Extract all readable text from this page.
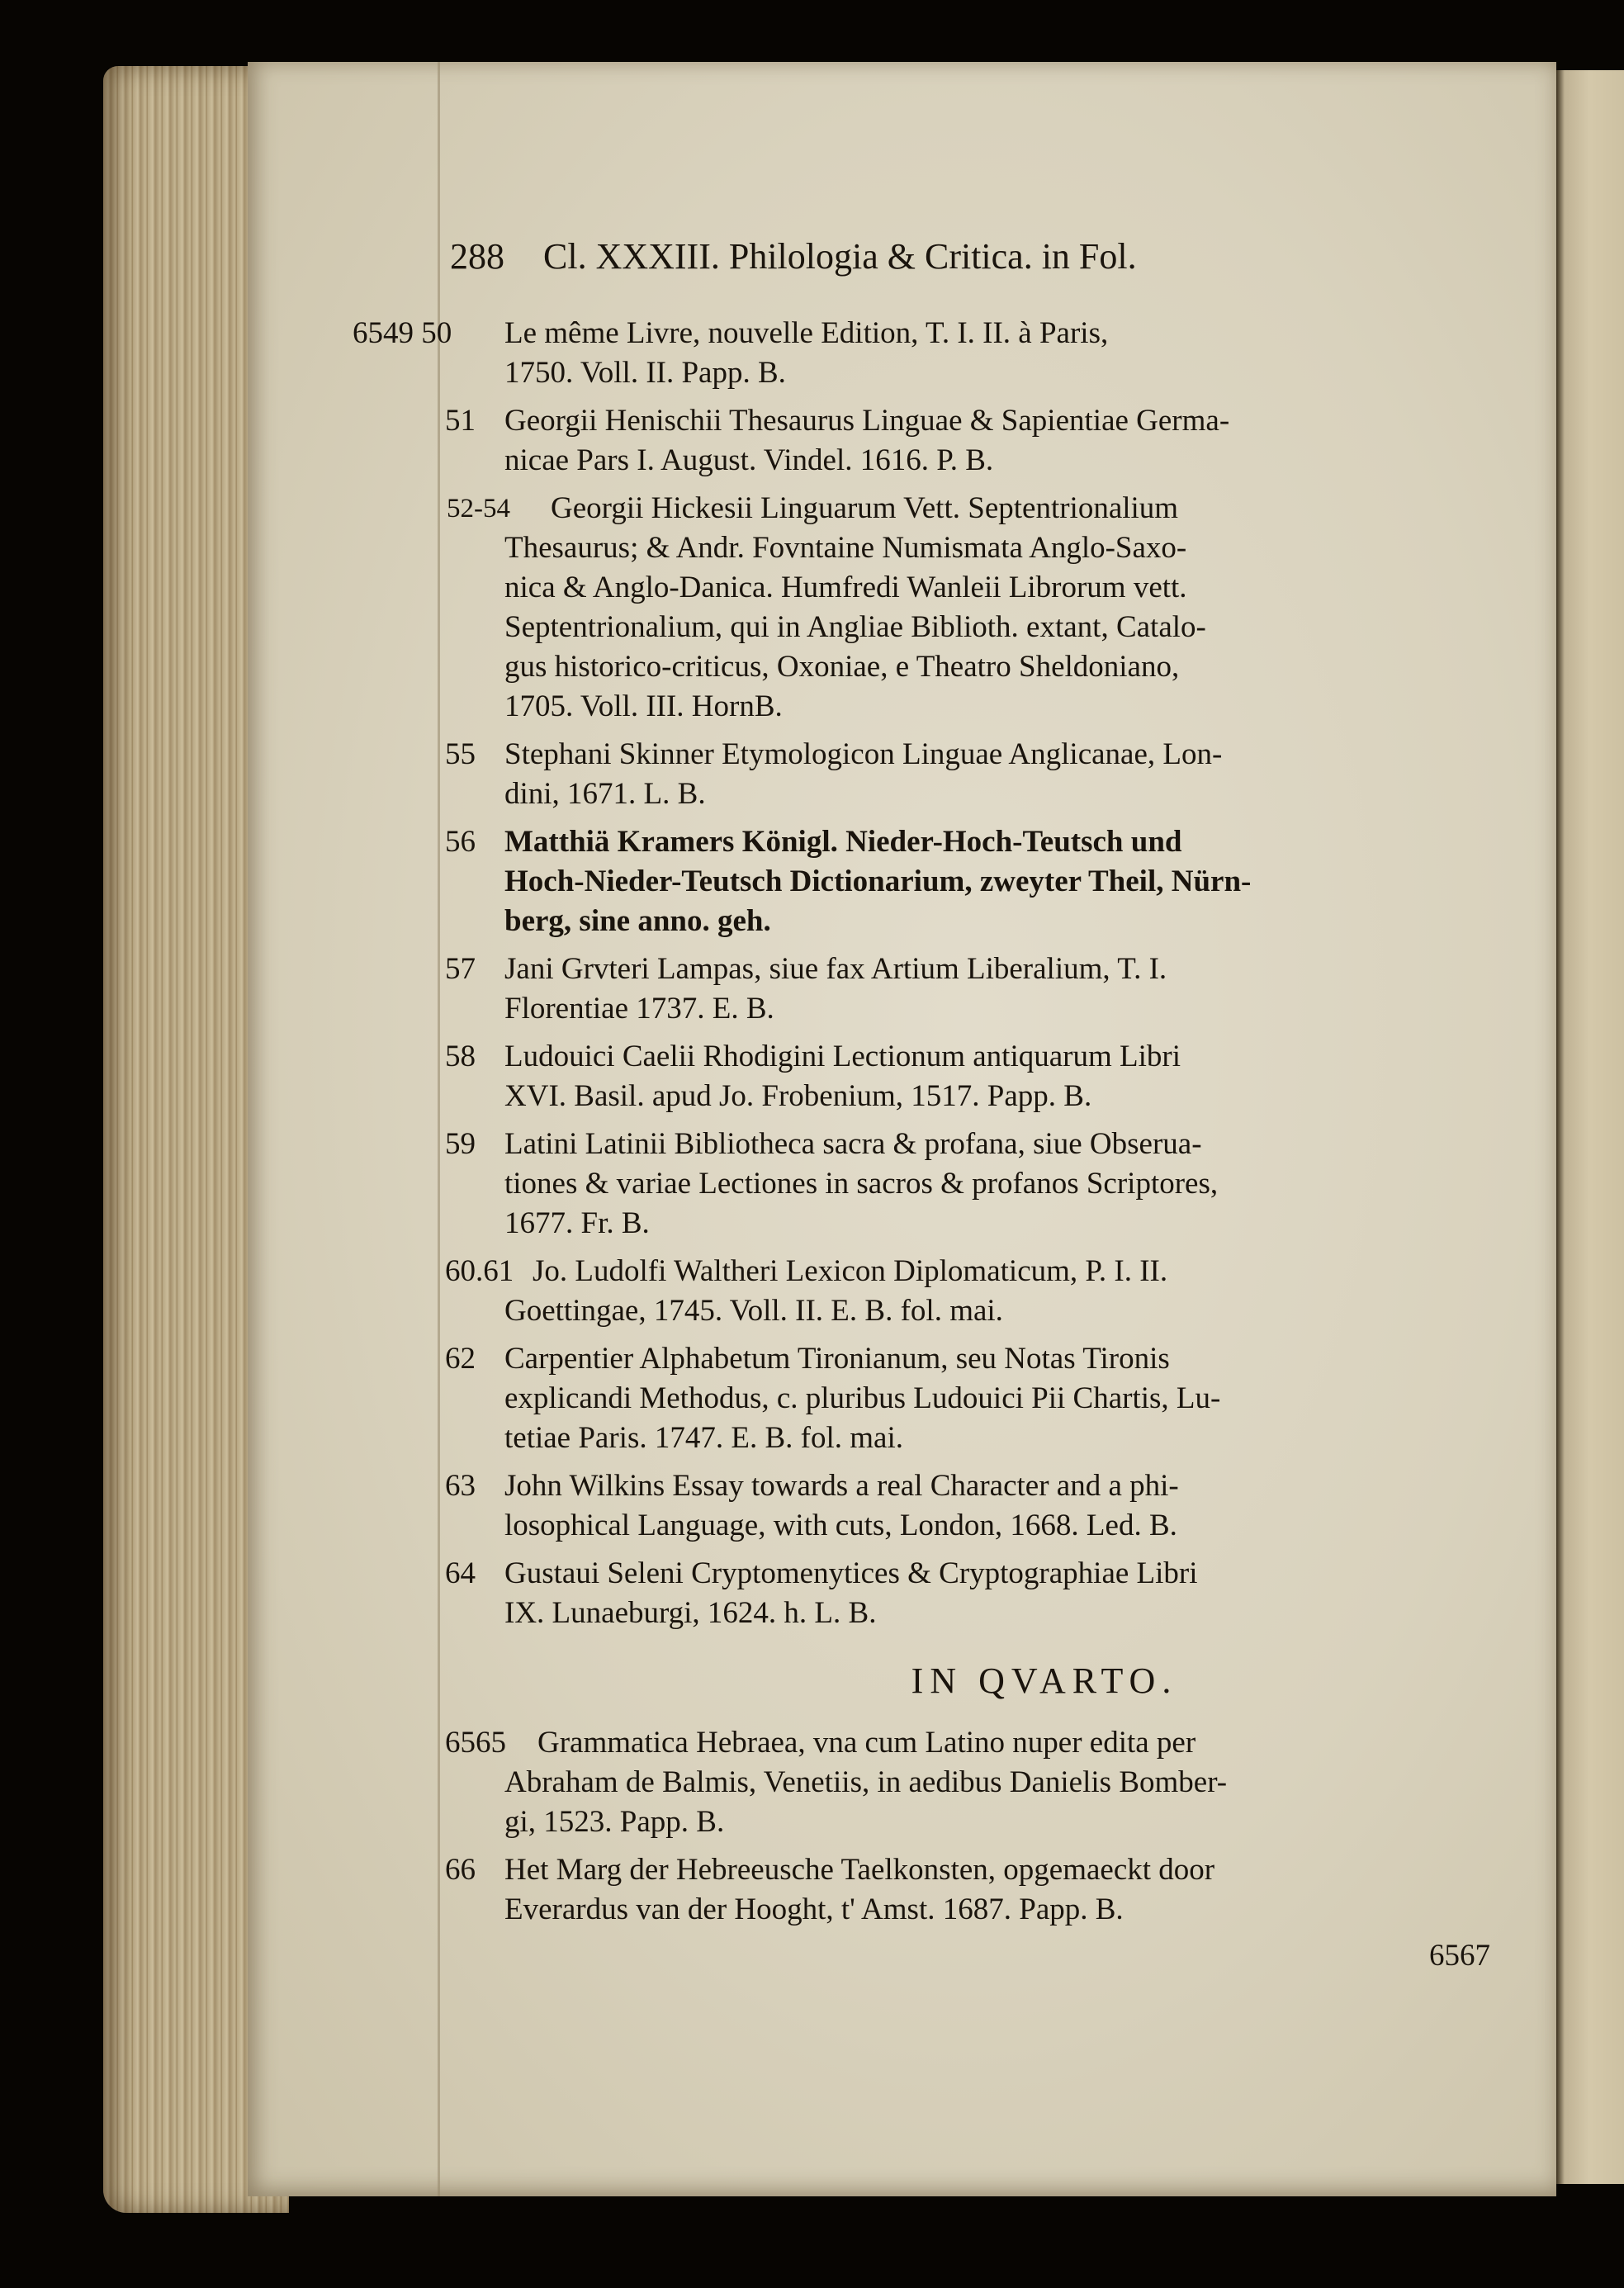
288 Cl. XXXIII. Philologia & Critica. in Fol.
6549 50 Le même Livre, nouvelle Edition, T. I. II. à Paris,
1750. Voll. II. Papp. B.
51 Georgii Henischii Thesaurus Linguae & Sapientiae Germa-
nicae Pars I. August. Vindel. 1616. P. B.
52-54	Georgii Hickesii Linguarum Vett. Septentrionalium
Thesaurus; & Andr. Fovntaine Numismata Anglo-Saxo-
nica & Anglo-Danica. Humfredi Wanleii Librorum vett.
Septentrionalium, qui in Angliae Biblioth. extant, Catalo-
gus historico-criticus, Oxoniae, e Theatro Sheldoniano,
1705. Voll. III. HornB.
55 Stephani Skinner Etymologicon Linguae Anglicanae, Lon-
dini, 1671. L. B.
56 Matthiä Kramers Königl. Nieder-Hoch-Teutsch und
Hoch-Nieder-Teutsch Dictionarium, zweyter Theil, Nürn-
berg, sine anno. geh.
57 Jani Grvteri Lampas, siue fax Artium Liberalium, T. I.
Florentiae 1737. E. B.
58 Ludouici Caelii Rhodigini Lectionum antiquarum Libri
XVI. Basil. apud Jo. Frobenium, 1517. Papp. B.
59 Latini Latinii Bibliotheca sacra & profana, siue Obserua-
tiones & variae Lectiones in sacros & profanos Scriptores,
1677. Fr. B.
60.61 Jo. Ludolfi Waltheri Lexicon Diplomaticum, P. I. II.
Goettingae, 1745. Voll. II. E. B. fol. mai.
62 Carpentier Alphabetum Tironianum, seu Notas Tironis
explicandi Methodus, c. pluribus Ludouici Pii Chartis, Lu-
tetiae Paris. 1747. E. B. fol. mai.
63 John Wilkins Essay towards a real Character and a phi-
losophical Language, with cuts, London, 1668. Led. B.
64 Gustaui Seleni Cryptomenytices & Cryptographiae Libri
IX. Lunaeburgi, 1624. h. L. B.
IN QVARTO.
6565	Grammatica Hebraea, vna cum Latino nuper edita per
Abraham de Balmis, Venetiis, in aedibus Danielis Bomber-
gi, 1523. Papp. B.
66 Het Marg der Hebreeusche Taelkonsten, opgemaeckt door
Everardus van der Hooght, t' Amst. 1687. Papp. B.
6567
